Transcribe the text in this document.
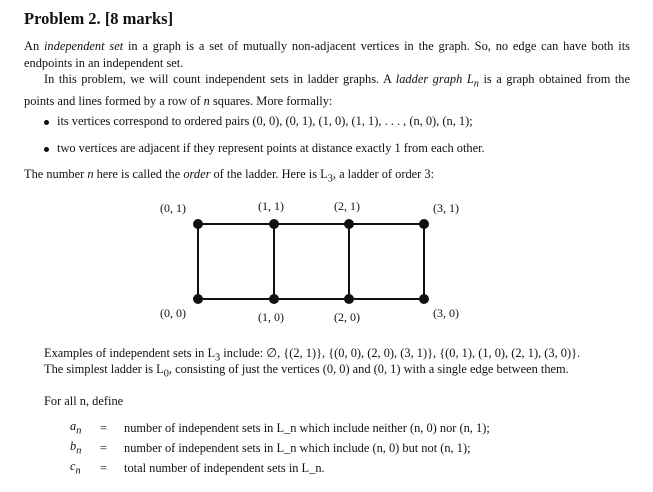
Problem 2. [8 marks]
An independent set in a graph is a set of mutually non-adjacent vertices in the graph. So, no edge can have both its endpoints in an independent set.
In this problem, we will count independent sets in ladder graphs. A ladder graph $L_n$ is a graph obtained from the points and lines formed by a row of n squares. More formally:
its vertices correspond to ordered pairs (0, 0), (0, 1), (1, 0), (1, 1), . . . , (n, 0), (n, 1);
two vertices are adjacent if they represent points at distance exactly 1 from each other.
The number n here is called the order of the ladder. Here is $L_3$, a ladder of order 3:
(0, 1)	(1, 1)	(2, 1)	(3, 1)
(0, 0)	(1, 0)	(2, 0)	(3, 0)
Examples of independent sets in $L_3$ include: ∅, {(2, 1)}, {(0, 0), (2, 0), (3, 1)}, {(0, 1), (1, 0), (2, 1), (3, 0)}.
The simplest ladder is $L_0$, consisting of just the vertices (0, 0) and (0, 1) with a single edge between them.
For all n, define
$a_n$	=	number of independent sets in L_n which include neither (n, 0) nor (n, 1);
$b_n$	=	number of independent sets in L_n which include (n, 0) but not (n, 1);
$c_n$	=	total number of independent sets in L_n.
